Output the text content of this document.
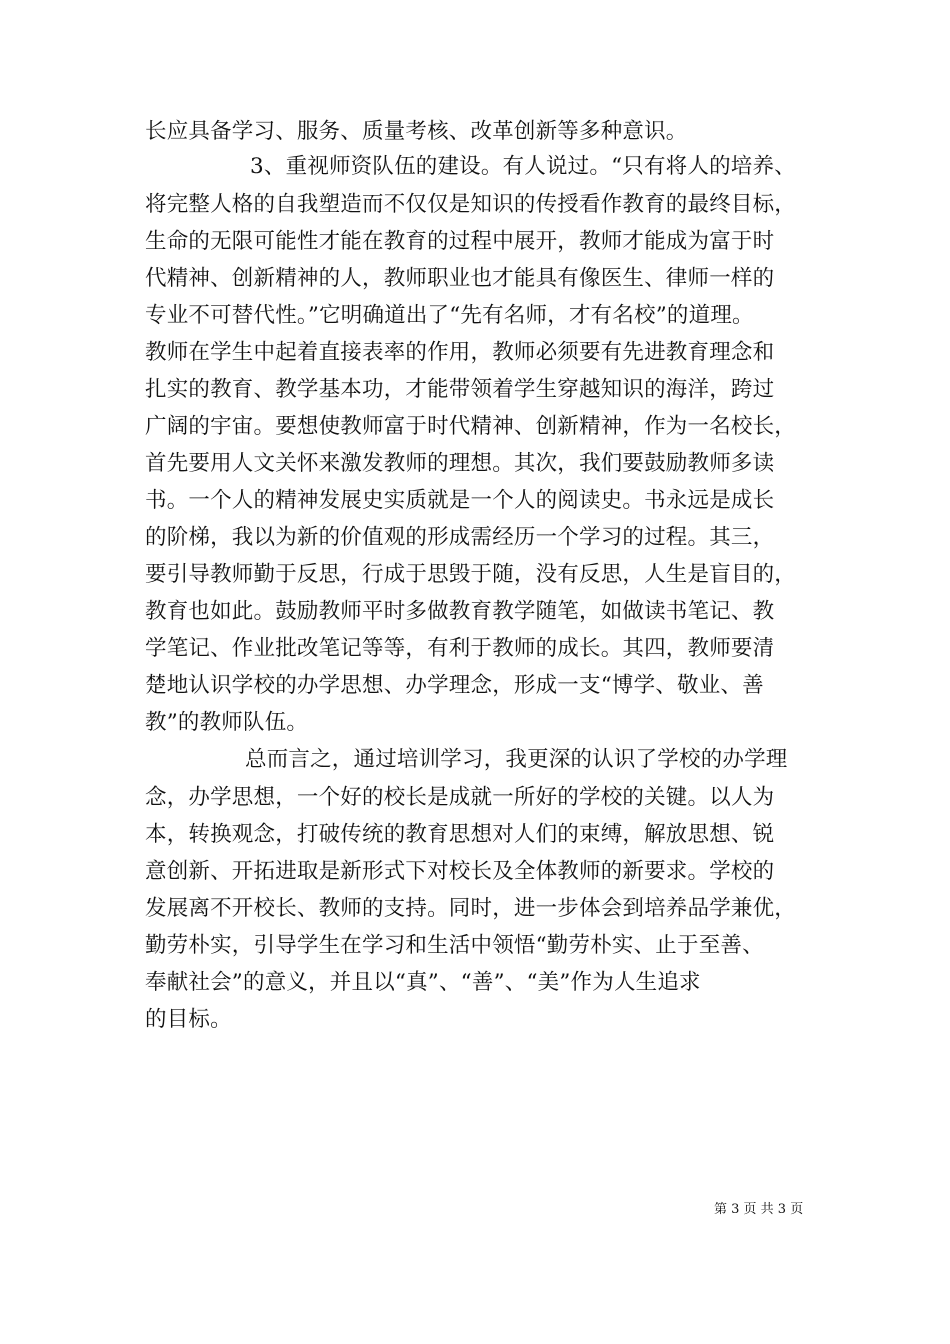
长应具备学习、服务、质量考核、改革创新等多种意识。
3、重视师资队伍的建设。有人说过。“只有将人的培养、
将完整人格的自我塑造而不仅仅是知识的传授看作教育的最终目标，
生命的无限可能性才能在教育的过程中展开，教师才能成为富于时
代精神、创新精神的人，教师职业也才能具有像医生、律师一样的
专业不可替代性。”它明确道出了“先有名师，才有名校”的道理。
教师在学生中起着直接表率的作用，教师必须要有先进教育理念和
扎实的教育、教学基本功，才能带领着学生穿越知识的海洋，跨过
广阔的宇宙。要想使教师富于时代精神、创新精神，作为一名校长，
首先要用人文关怀来激发教师的理想。其次，我们要鼓励教师多读
书。一个人的精神发展史实质就是一个人的阅读史。书永远是成长
的阶梯，我以为新的价值观的形成需经历一个学习的过程。其三，
要引导教师勤于反思，行成于思毁于随，没有反思，人生是盲目的，
教育也如此。鼓励教师平时多做教育教学随笔，如做读书笔记、教
学笔记、作业批改笔记等等，有利于教师的成长。其四，教师要清
楚地认识学校的办学思想、办学理念，形成一支“博学、敬业、善
教”的教师队伍。
总而言之，通过培训学习，我更深的认识了学校的办学理
念，办学思想，一个好的校长是成就一所好的学校的关键。以人为
本，转换观念，打破传统的教育思想对人们的束缚，解放思想、锐
意创新、开拓进取是新形式下对校长及全体教师的新要求。学校的
发展离不开校长、教师的支持。同时，进一步体会到培养品学兼优，
勤劳朴实，引导学生在学习和生活中领悟“勤劳朴实、止于至善、
奉献社会”的意义，并且以“真”、“善”、“美”作为人生追求
的目标。
第 3 页 共 3 页
